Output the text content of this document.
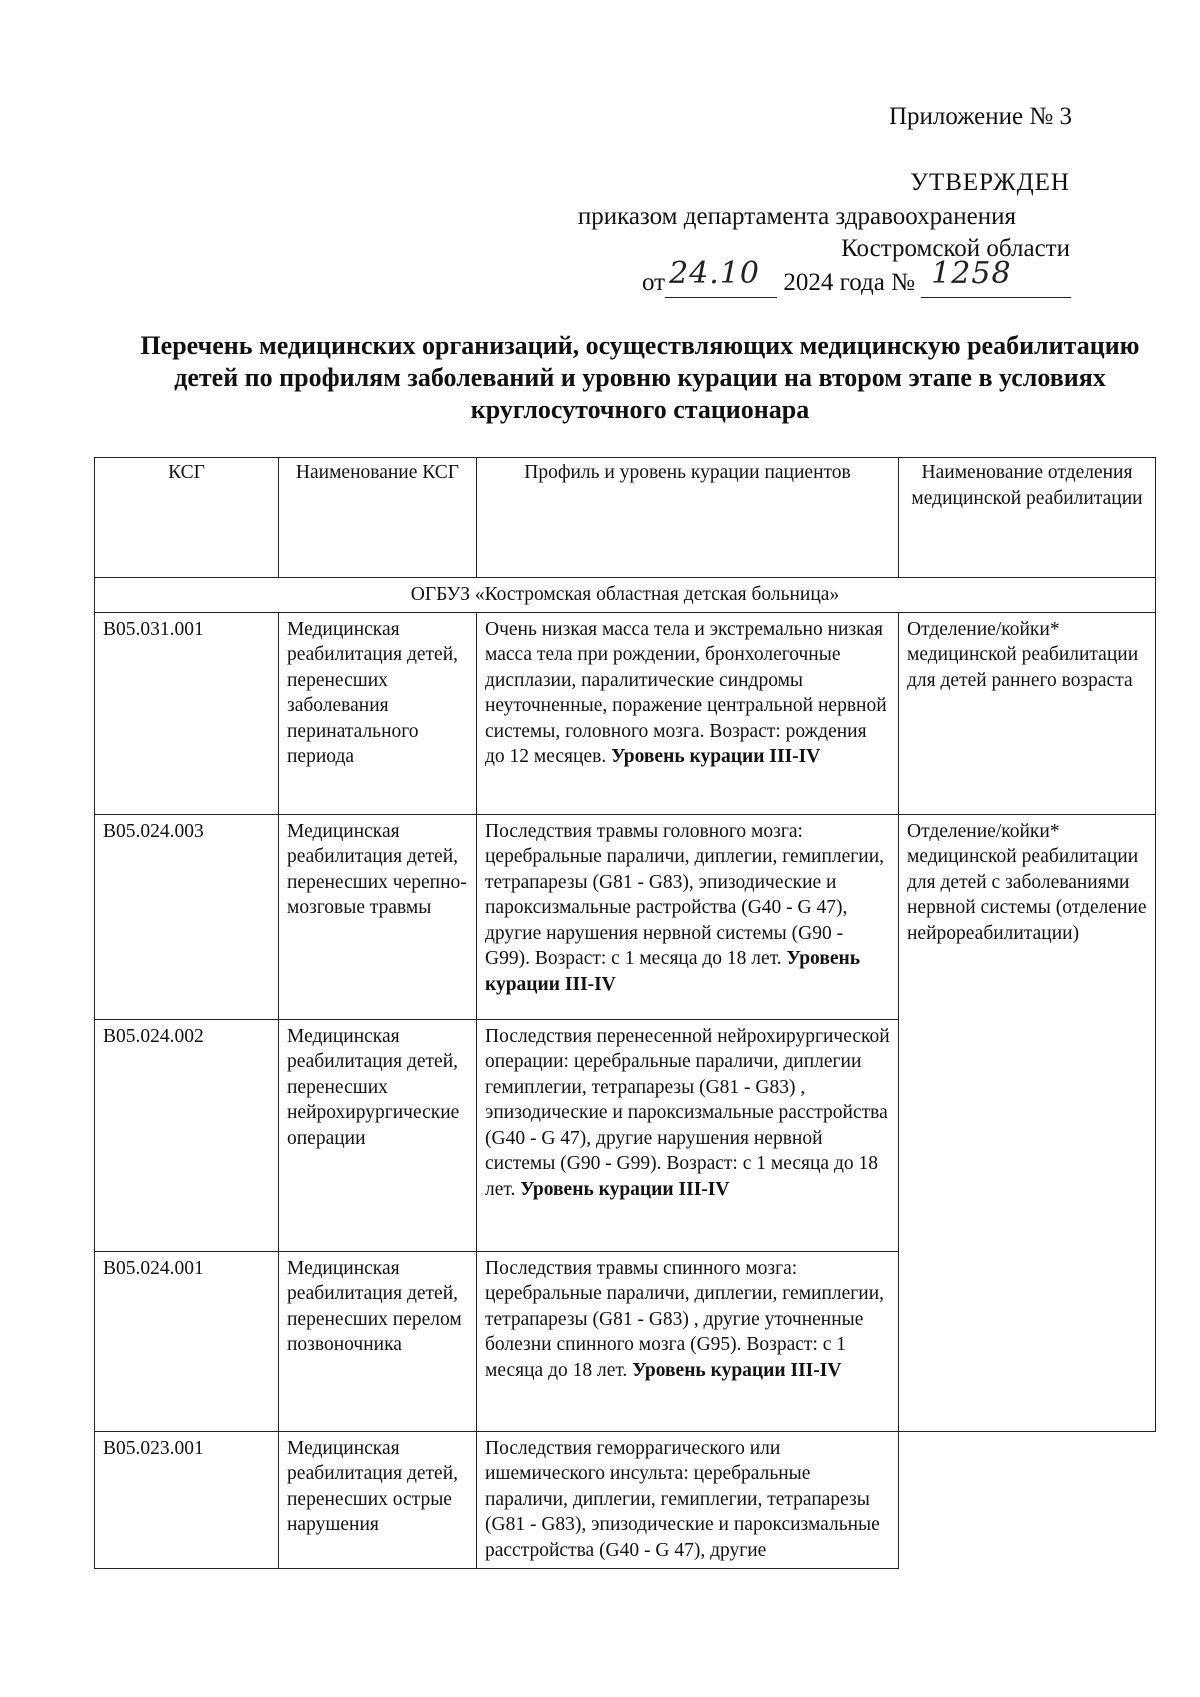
Приложение № 3
УТВЕРЖДЕН
приказом департамента здравоохранения
Костромской области
от 24.10 2024 года № 1258
Перечень медицинских организаций, осуществляющих медицинскую реабилитацию детей по профилям заболеваний и уровню курации на втором этапе в условиях круглосуточного стационара
КСГ	Наименование КСГ	Профиль и уровень курации пациентов	Наименование отделения медицинской реабилитации
ОГБУЗ «Костромская областная детская больница»			
B05.031.001	Медицинская реабилитация детей, перенесших заболевания перинатального периода	Очень низкая масса тела и экстремально низкая масса тела при рождении, бронхолегочные дисплазии, паралитические синдромы неуточненные, поражение центральной нервной системы, головного мозга. Возраст: рождения до 12 месяцев. Уровень курации III-IV	Отделение/койки* медицинской реабилитации для детей раннего возраста
B05.024.003	Медицинская реабилитация детей, перенесших черепно-мозговые травмы	Последствия травмы головного мозга: церебральные параличи, диплегии, гемиплегии, тетрапарезы (G81 - G83), эпизодические и пароксизмальные растройства (G40 - G 47), другие нарушения нервной системы (G90 - G99). Возраст: с 1 месяца до 18 лет. Уровень курации III-IV	Отделение/койки* медицинской реабилитации для детей с заболеваниями нервной системы (отделение нейрореабилитации)
B05.024.002	Медицинская реабилитация детей, перенесших нейрохирургические операции	Последствия перенесенной нейрохирургической операции: церебральные параличи, диплегии гемиплегии, тетрапарезы (G81 - G83) , эпизодические и пароксизмальные расстройства (G40 - G 47), другие нарушения нервной системы (G90 - G99). Возраст: с 1 месяца до 18 лет. Уровень курации III-IV	
B05.024.001	Медицинская реабилитация детей, перенесших перелом позвоночника	Последствия травмы спинного мозга: церебральные параличи, диплегии, гемиплегии, тетрапарезы (G81 - G83) , другие уточненные болезни спинного мозга (G95). Возраст: с 1 месяца до 18 лет. Уровень курации III-IV	

B05.023.001	Медицинская реабилитация детей, перенесших острые нарушения	Последствия геморрагического или ишемического инсульта: церебральные параличи, диплегии, гемиплегии, тетрапарезы (G81 - G83), эпизодические и пароксизмальные расстройства (G40 - G 47), другие	
